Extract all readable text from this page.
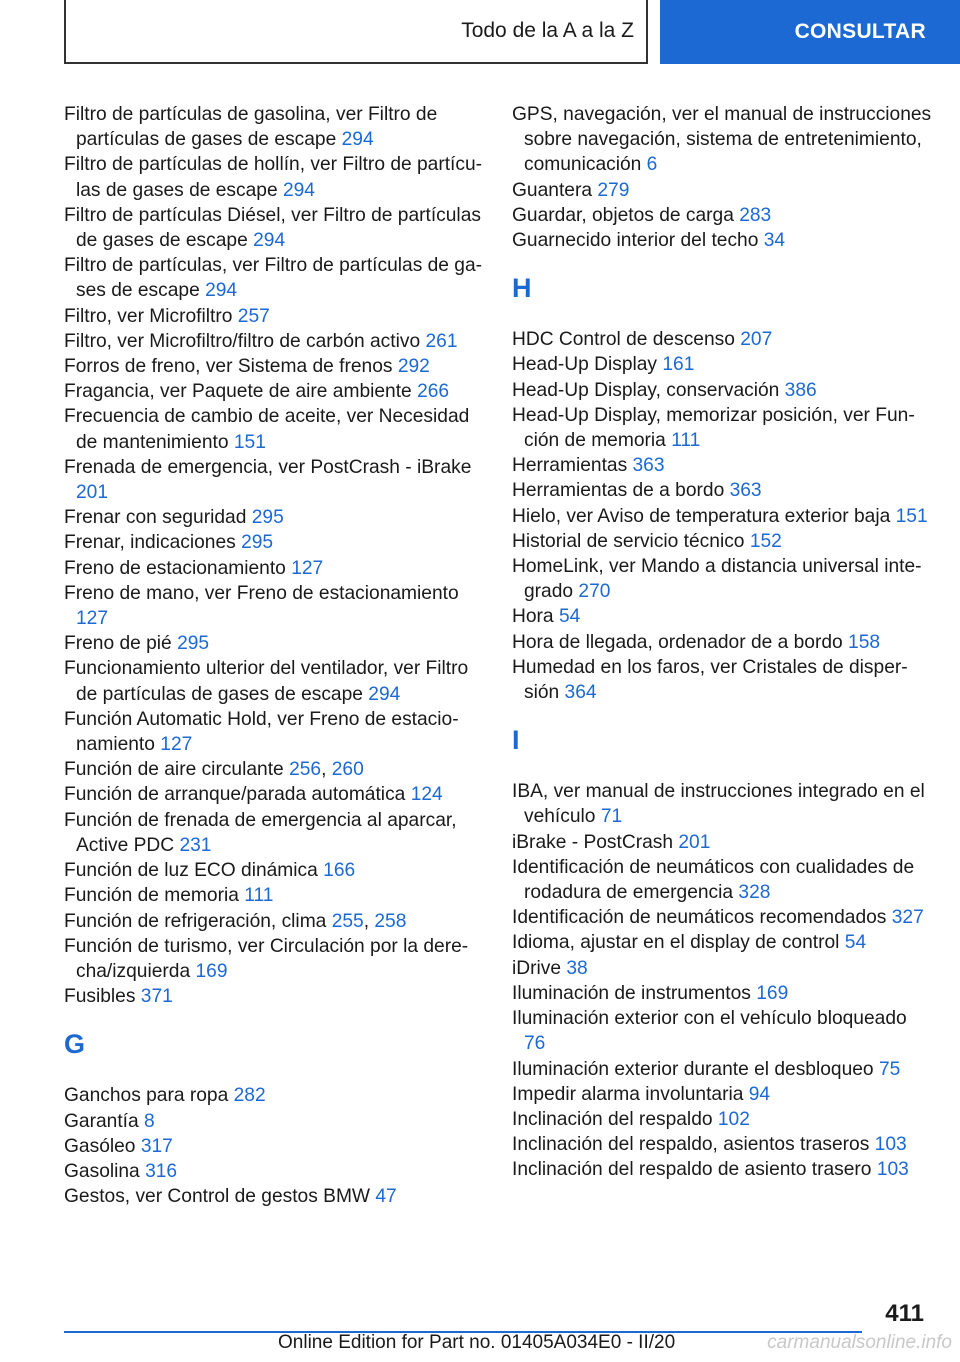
Todo de la A a la Z	CONSULTAR

Filtro de partículas de gasolina, ver Filtro de partículas de gases de escape 294

Filtro de partículas de hollín, ver Filtro de partículas de gases de escape 294

Filtro de partículas Diésel, ver Filtro de partículas de gases de escape 294

Filtro de partículas, ver Filtro de partículas de gases de escape 294

Filtro, ver Microfiltro 257

Filtro, ver Microfiltro/filtro de carbón activo 261

Forros de freno, ver Sistema de frenos 292

Fragancia, ver Paquete de aire ambiente 266

Frecuencia de cambio de aceite, ver Necesidad de mantenimiento 151

Frenada de emergencia, ver PostCrash - iBrake 201

Frenar con seguridad 295

Frenar, indicaciones 295

Freno de estacionamiento 127

Freno de mano, ver Freno de estacionamiento 127

Freno de pié 295

Funcionamiento ulterior del ventilador, ver Filtro de partículas de gases de escape 294

Función Automatic Hold, ver Freno de estacionamiento 127

Función de aire circulante 256, 260

Función de arranque/parada automática 124

Función de frenada de emergencia al aparcar, Active PDC 231

Función de luz ECO dinámica 166

Función de memoria 111

Función de refrigeración, clima 255, 258

Función de turismo, ver Circulación por la derecha/izquierda 169

Fusibles 371

G

Ganchos para ropa 282

Garantía 8

Gasóleo 317

Gasolina 316

Gestos, ver Control de gestos BMW 47

GPS, navegación, ver el manual de instrucciones sobre navegación, sistema de entretenimiento, comunicación 6

Guantera 279

Guardar, objetos de carga 283

Guarnecido interior del techo 34

H

HDC Control de descenso 207

Head-Up Display 161

Head-Up Display, conservación 386

Head-Up Display, memorizar posición, ver Función de memoria 111

Herramientas 363

Herramientas de a bordo 363

Hielo, ver Aviso de temperatura exterior baja 151

Historial de servicio técnico 152

HomeLink, ver Mando a distancia universal integrado 270

Hora 54

Hora de llegada, ordenador de a bordo 158

Humedad en los faros, ver Cristales de dispersión 364

I

IBA, ver manual de instrucciones integrado en el vehículo 71

iBrake - PostCrash 201

Identificación de neumáticos con cualidades de rodadura de emergencia 328

Identificación de neumáticos recomendados 327

Idioma, ajustar en el display de control 54

iDrive 38

Iluminación de instrumentos 169

Iluminación exterior con el vehículo bloqueado 76

Iluminación exterior durante el desbloqueo 75

Impedir alarma involuntaria 94

Inclinación del respaldo 102

Inclinación del respaldo, asientos traseros 103

Inclinación del respaldo de asiento trasero 103

411
Online Edition for Part no. 01405A034E0 - II/20	carmanualsonline.info
